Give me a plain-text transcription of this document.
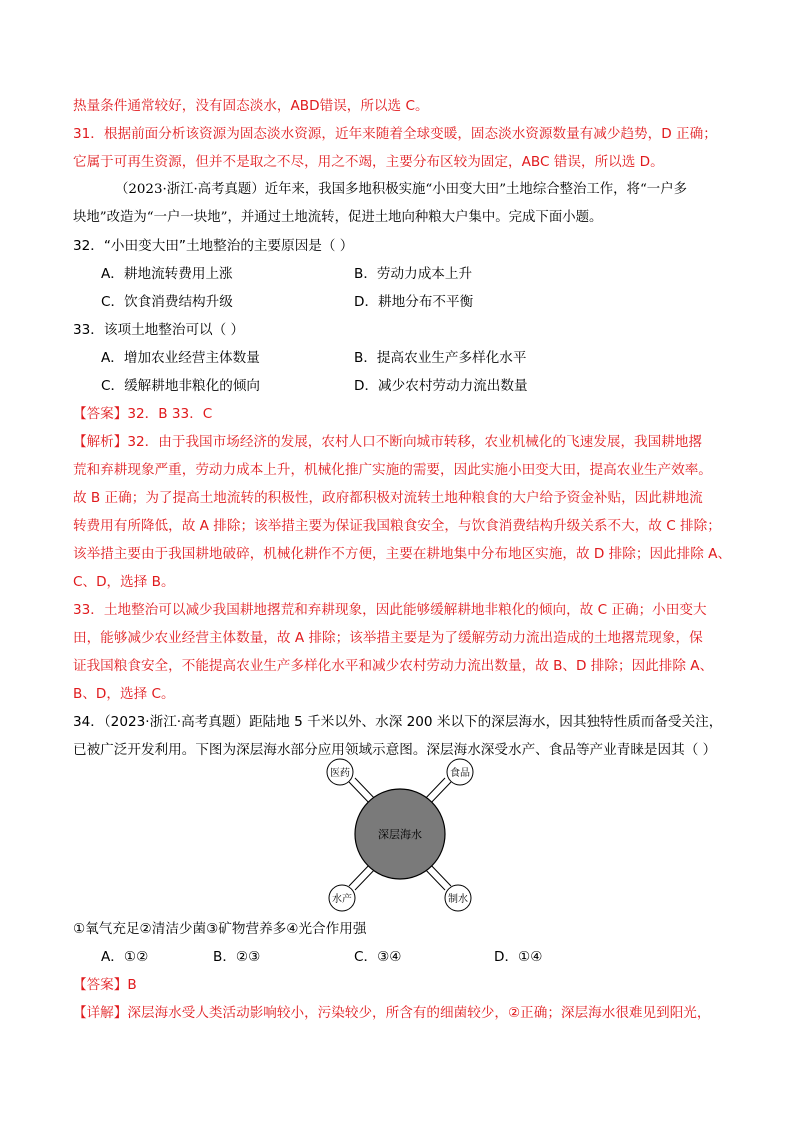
热量条件通常较好，没有固态淡水，ABD错误，所以选 C。
31．根据前面分析该资源为固态淡水资源，近年来随着全球变暖，固态淡水资源数量有减少趋势，D 正确；
它属于可再生资源，但并不是取之不尽，用之不竭，主要分布区较为固定，ABC 错误，所以选 D。
（2023·浙江·高考真题）近年来，我国多地积极实施“小田变大田”土地综合整治工作，将“一户多
块地”改造为“一户一块地”，并通过土地流转，促进土地向种粮大户集中。完成下面小题。
32．“小田变大田”土地整治的主要原因是（ ）
A．耕地流转费用上涨	B．劳动力成本上升
C．饮食消费结构升级	D．耕地分布不平衡
33．该项土地整治可以（ ）
A．增加农业经营主体数量	B．提高农业生产多样化水平
C．缓解耕地非粮化的倾向	D．减少农村劳动力流出数量
【答案】32．B 33．C
【解析】32．由于我国市场经济的发展，农村人口不断向城市转移，农业机械化的飞速发展，我国耕地撂
荒和弃耕现象严重，劳动力成本上升，机械化推广实施的需要，因此实施小田变大田，提高农业生产效率。
故 B 正确；为了提高土地流转的积极性，政府都积极对流转土地种粮食的大户给予资金补贴，因此耕地流
转费用有所降低，故 A 排除；该举措主要为保证我国粮食安全，与饮食消费结构升级关系不大，故 C 排除；
该举措主要由于我国耕地破碎，机械化耕作不方便，主要在耕地集中分布地区实施，故 D 排除；因此排除 A、
C、D，选择 B。
33．土地整治可以减少我国耕地撂荒和弃耕现象，因此能够缓解耕地非粮化的倾向，故 C 正确；小田变大
田，能够减少农业经营主体数量，故 A 排除；该举措主要是为了缓解劳动力流出造成的土地撂荒现象，保
证我国粮食安全，不能提高农业生产多样化水平和减少农村劳动力流出数量，故 B、D 排除；因此排除 A、
B、D，选择 C。
34．（2023·浙江·高考真题）距陆地 5 千米以外、水深 200 米以下的深层海水，因其独特性质而备受关注，
已被广泛开发利用。下图为深层海水部分应用领域示意图。深层海水深受水产、食品等产业青睐是因其（ ）
深层海水
医药	食品
水产	制水
①氧气充足②清洁少菌③矿物营养多④光合作用强
A．①②	B．②③	C．③④	D．①④
【答案】B
【详解】深层海水受人类活动影响较小，污染较少，所含有的细菌较少，②正确；深层海水很难见到阳光，
